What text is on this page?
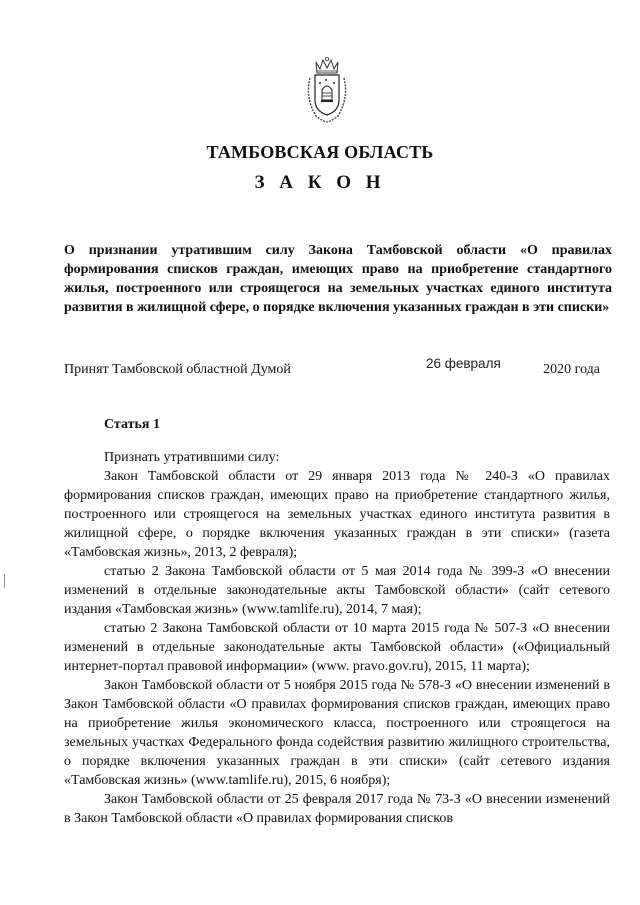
ТАМБОВСКАЯ ОБЛАСТЬ
З А К О Н
О признании утратившим силу Закона Тамбовской области «О правилах формирования списков граждан, имеющих право на приобретение стандартного жилья, построенного или строящегося на земельных участках единого института развития в жилищной сфере, о порядке включения указанных граждан в эти списки»
Принят Тамбовской областной Думой	26 февраля	2020 года
Статья 1

Признать утратившими силу:

Закон Тамбовской области от 29 января 2013 года № 240-З «О правилах формирования списков граждан, имеющих право на приобретение стандартного жилья, построенного или строящегося на земельных участках единого института развития в жилищной сфере, о порядке включения указанных граждан в эти списки» (газета «Тамбовская жизнь», 2013, 2 февраля);

статью 2 Закона Тамбовской области от 5 мая 2014 года № 399-З «О внесении изменений в отдельные законодательные акты Тамбовской области» (сайт сетевого издания «Тамбовская жизнь» (www.tamlife.ru), 2014, 7 мая);

статью 2 Закона Тамбовской области от 10 марта 2015 года № 507-З «О внесении изменений в отдельные законодательные акты Тамбовской области» («Официальный интернет-портал правовой информации» (www. pravo.gov.ru), 2015, 11 марта);

Закон Тамбовской области от 5 ноября 2015 года № 578-З «О внесении изменений в Закон Тамбовской области «О правилах формирования списков граждан, имеющих право на приобретение жилья экономического класса, построенного или строящегося на земельных участках Федерального фонда содействия развитию жилищного строительства, о порядке включения указанных граждан в эти списки» (сайт сетевого издания «Тамбовская жизнь» (www.tamlife.ru), 2015, 6 ноября);

Закон Тамбовской области от 25 февраля 2017 года № 73-З «О внесении изменений в Закон Тамбовской области «О правилах формирования списков
